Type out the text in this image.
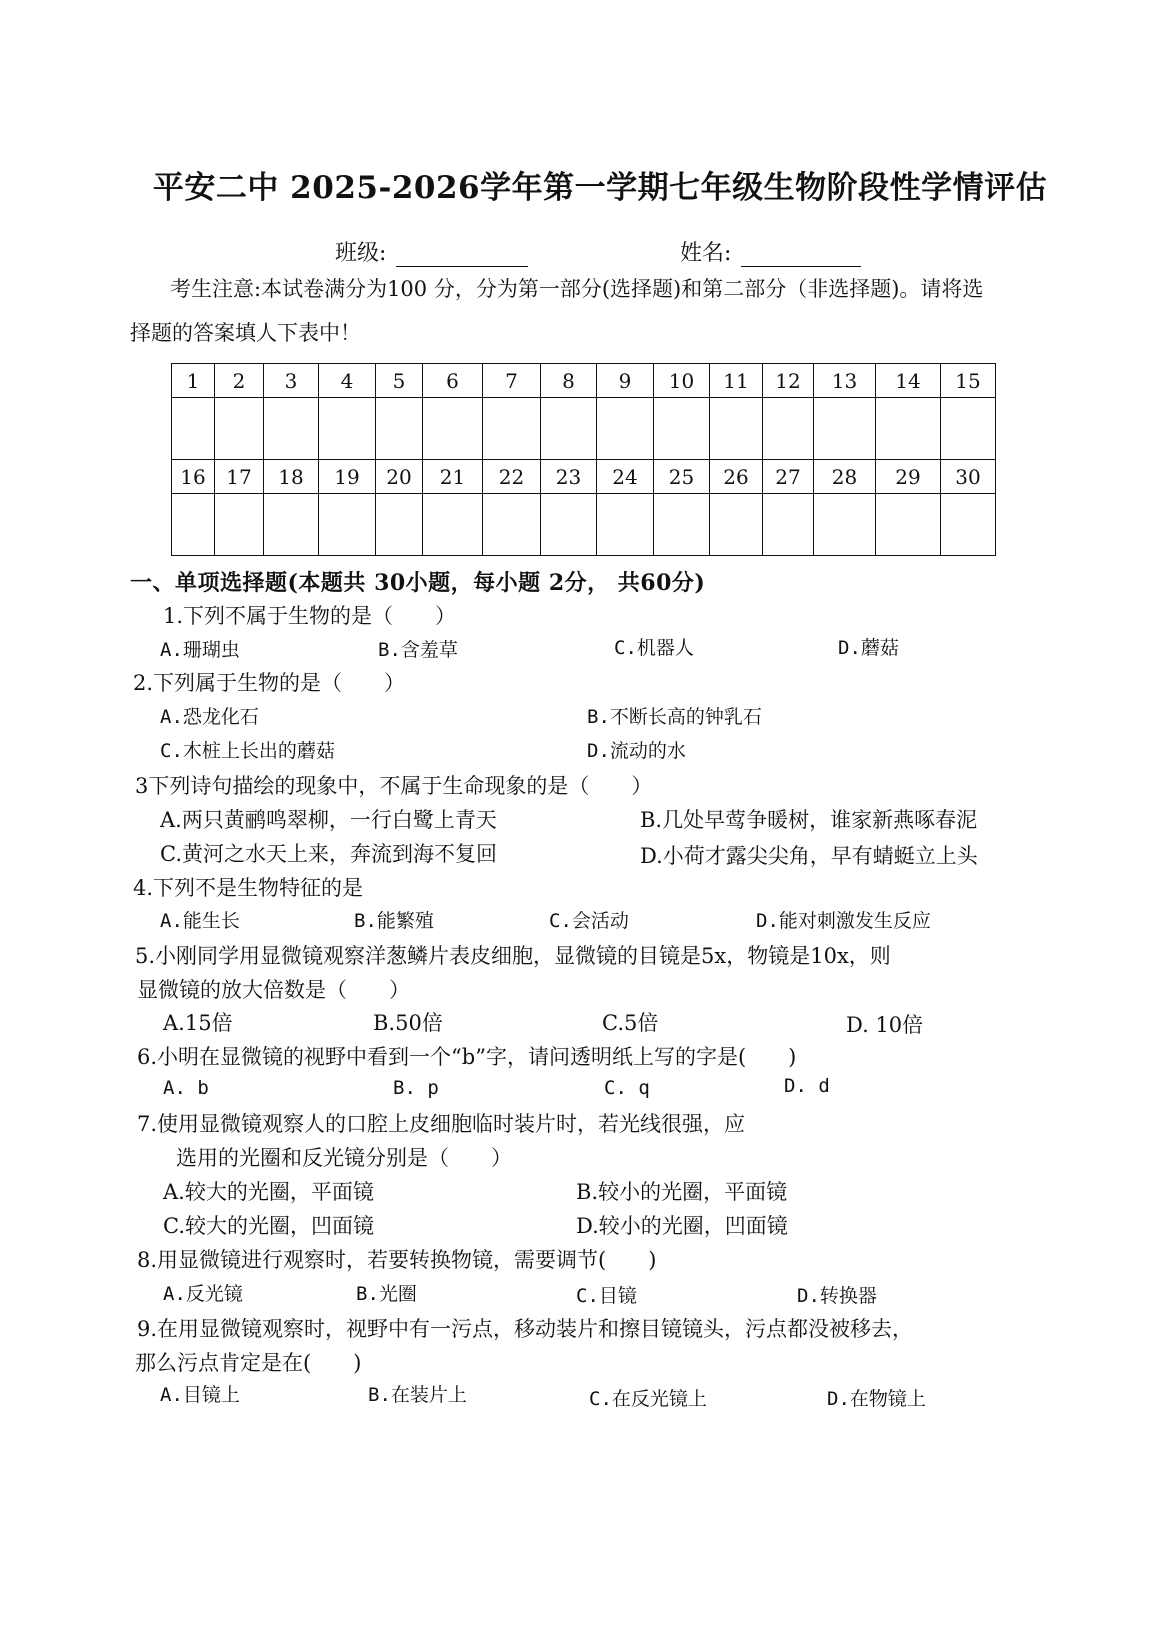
平安二中 2025-2026学年第一学期七年级生物阶段性学情评估
班级:	姓名:
考生注意:本试卷满分为100 分，分为第一部分(选择题)和第二部分（非选择题)。请将选
择题的答案填人下表中！
1	2	3	4	5	6	7	8	9	10	11	12	13	14	15

16	17	18	19	20	21	22	23	24	25	26	27	28	29	30

一、单项选择题(本题共 30小题，每小题 2分， 共60分)
1.下列不属于生物的是（　　）
A.珊瑚虫	B.含羞草	C.机器人	D.蘑菇
2.下列属于生物的是（　　）
A.恐龙化石	B.不断长高的钟乳石
C.木桩上长出的蘑菇	D.流动的水
3下列诗句描绘的现象中，不属于生命现象的是（　　）
A.两只黄鹂鸣翠柳，一行白鹭上青天	B.几处早莺争暖树，谁家新燕啄春泥
C.黄河之水天上来，奔流到海不复回	D.小荷才露尖尖角，早有蜻蜓立上头
4.下列不是生物特征的是
A.能生长	B.能繁殖	C.会活动	D.能对刺激发生反应
5.小刚同学用显微镜观察洋葱鳞片表皮细胞，显微镜的目镜是5x，物镜是10x，则
显微镜的放大倍数是（　　）
A.15倍	B.50倍	C.5倍	D. 10倍
6.小明在显微镜的视野中看到一个“b”字，请问透明纸上写的字是(　　)
A. b	B. p	C. q	D. d
7.使用显微镜观察人的口腔上皮细胞临时装片时，若光线很强，应
选用的光圈和反光镜分别是（　　）
A.较大的光圈，平面镜	B.较小的光圈，平面镜
C.较大的光圈，凹面镜	D.较小的光圈，凹面镜
8.用显微镜进行观察时，若要转换物镜，需要调节(　　)
A.反光镜	B.光圈	C.目镜	D.转换器
9.在用显微镜观察时，视野中有一污点，移动装片和擦目镜镜头，污点都没被移去，
那么污点肯定是在(　　)
A.目镜上	B.在装片上	C.在反光镜上	D.在物镜上
